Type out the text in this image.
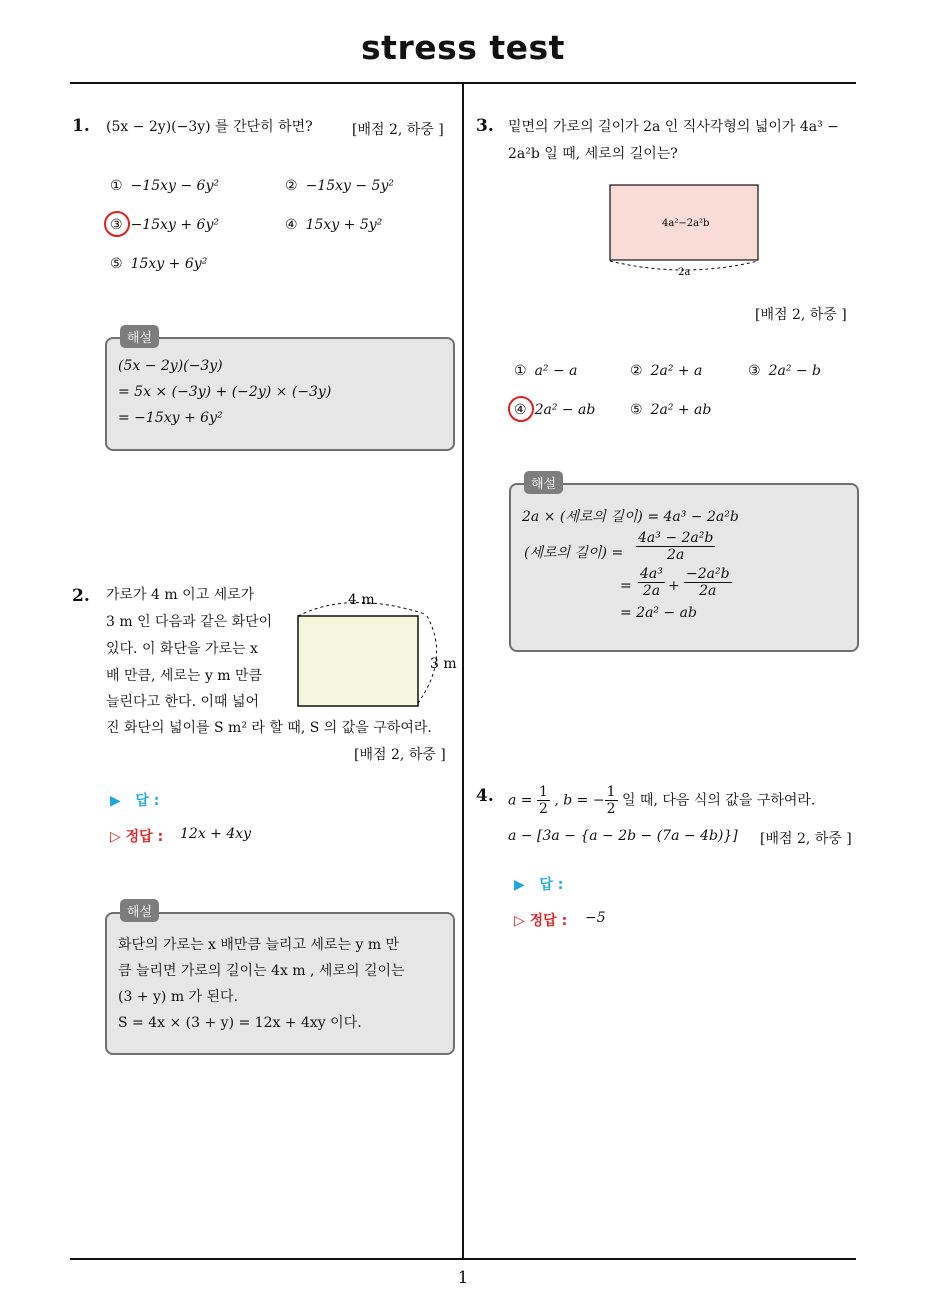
stress test
1
1. (5x − 2y)(−3y) 를 간단히 하면?	[배점 2, 하중 ]
① −15xy − 6y²	② −15xy − 5y²
③ −15xy + 6y²	④ 15xy + 5y²
⑤ 15xy + 6y²
해설
(5x − 2y)(−3y)
= 5x × (−3y) + (−2y) × (−3y)
= −15xy + 6y²
2. 가로가 4 m 이고 세로가
3 m 인 다음과 같은 화단이
있다. 이 화단을 가로는 x
배 만큼, 세로는 y m 만큼
늘린다고 한다. 이때 넓어
진 화단의 넓이를 S m² 라 할 때, S 의 값을 구하여라.
[배점 2, 하중 ]
4 m
3 m
▶   답 :
▷ 정답 : 12x + 4xy
해설
화단의 가로는 x 배만큼 늘리고 세로는 y m 만
큼 늘리면 가로의 길이는 4x m , 세로의 길이는
(3 + y) m 가 된다.
S = 4x × (3 + y) = 12x + 4xy 이다.
3. 밑면의 가로의 길이가 2a 인 직사각형의 넓이가 4a³ −
2a²b 일 때, 세로의 길이는?
4a²−2a²b
2a
[배점 2, 하중 ]
① a² − a	② 2a² + a	③ 2a² − b
④ 2a² − ab ⑤ 2a² + ab
해설
2a × (세로의 길이) = 4a³ − 2a²b
(세로의 길이) = $\frac{\text{4a³ − 2a²b}}{2a}$
= $\frac{\text{4a³}}{2a} + \frac{\text{−2a²b}}{2a}$
= 2a² − ab
4. $a = \frac{1}{2}$ , b = − $\frac{1}{2}$ 일 때, 다음 식의 값을 구하여라.
a − [3a − {a − 2b − (7a − 4b)}] [배점 2, 하중 ]
▶   답 :
▷ 정답 : −5
